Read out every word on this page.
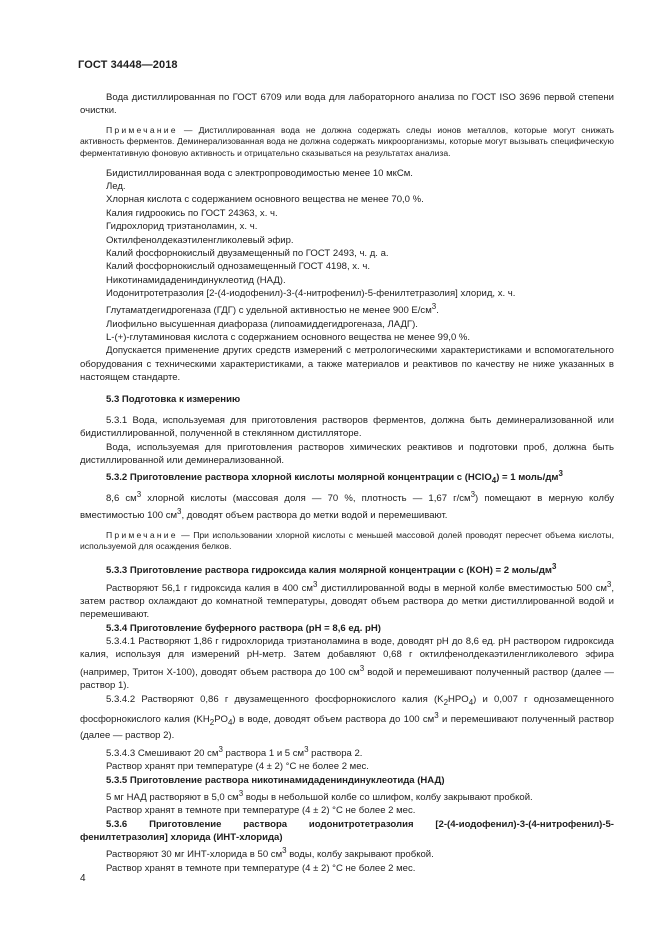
ГОСТ 34448—2018

Вода дистиллированная по ГОСТ 6709 или вода для лабораторного анализа по ГОСТ ISO 3696 первой степени очистки.

Примечание — Дистиллированная вода не должна содержать следы ионов металлов, которые могут снижать активность ферментов. Деминерализованная вода не должна содержать микроорганизмы, которые могут вызывать специфическую ферментативную фоновую активность и отрицательно сказываться на результатах анализа.

Бидистиллированная вода с электропроводимостью менее 10 мкСм.

Лед.

Хлорная кислота с содержанием основного вещества не менее 70,0 %.

Калия гидроокись по ГОСТ 24363, х. ч.

Гидрохлорид триэтаноламин, х. ч.

Октилфенолдекаэтиленгликолевый эфир.

Калий фосфорнокислый двузамещенный по ГОСТ 2493, ч. д. а.

Калий фосфорнокислый однозамещенный ГОСТ 4198, х. ч.

Никотинамидадениндинуклеотид (НАД).

Иодонитротетразолия [2-(4-иодофенил)-3-(4-нитрофенил)-5-фенилтетразолия] хлорид, х. ч.

Глутаматдегидрогеназа (ГДГ) с удельной активностью не менее 900 $Е/см^3$.

Лиофильно высушенная диафораза (липоамиддегидрогеназа, ЛАДГ).

L-(+)-глутаминовая кислота с содержанием основного вещества не менее 99,0 %.

Допускается применение других средств измерений с метрологическими характеристиками и вспомогательного оборудования с техническими характеристиками, а также материалов и реактивов по качеству не ниже указанных в настоящем стандарте.

5.3 Подготовка к измерению

5.3.1 Вода, используемая для приготовления растворов ферментов, должна быть деминерализованной или бидистиллированной, полученной в стеклянном дистилляторе.

Вода, используемая для приготовления растворов химических реактивов и подготовки проб, должна быть дистиллированной или деминерализованной.

5.3.2 Приготовление раствора хлорной кислоты молярной концентрации с (HClO$_4$) = 1 моль/$дм^3$

8,6 $см^3$ хлорной кислоты (массовая доля — 70 %, плотность — 1,67 $г/см^3$) помещают в мерную колбу вместимостью 100 $см^3$, доводят объем раствора до метки водой и перемешивают.

Примечание — При использовании хлорной кислоты с меньшей массовой долей проводят пересчет объема кислоты, используемой для осаждения белков.

5.3.3 Приготовление раствора гидроксида калия молярной концентрации с (КОН) = 2 моль/$дм^3$

Растворяют 56,1 г гидроксида калия в 400 $см^3$ дистиллированной воды в мерной колбе вместимостью 500 $см^3$, затем раствор охлаждают до комнатной температуры, доводят объем раствора до метки дистиллированной водой и перемешивают.

5.3.4 Приготовление буферного раствора (рН = 8,6 ед. рН)

5.3.4.1 Растворяют 1,86 г гидрохлорида триэтаноламина в воде, доводят рН до 8,6 ед. рН раствором гидроксида калия, используя для измерений рН-метр. Затем добавляют 0,68 г октилфенолдекаэтиленгликолевого эфира (например, Тритон Х-100), доводят объем раствора до 100 $см^3$ водой и перемешивают полученный раствор (далее — раствор 1).

5.3.4.2 Растворяют 0,86 г двузамещенного фосфорнокислого калия $(K_2HPO_4)$ и 0,007 г однозамещенного фосфорнокислого калия $(KH_2PO_4)$ в воде, доводят объем раствора до 100 $см^3$ и перемешивают полученный раствор (далее — раствор 2).

5.3.4.3 Смешивают 20 $см^3$ раствора 1 и 5 $см^3$ раствора 2.

Раствор хранят при температуре (4 ± 2) °С не более 2 мес.

5.3.5 Приготовление раствора никотинамидадениндинуклеотида (НАД)

5 мг НАД растворяют в 5,0 $см^3$ воды в небольшой колбе со шлифом, колбу закрывают пробкой.

Раствор хранят в темноте при температуре (4 ± 2) °С не более 2 мес.

5.3.6 Приготовление раствора иодонитротетразолия [2-(4-иодофенил)-3-(4-нитрофенил)-5-фенилтетразолия] хлорида (ИНТ-хлорида)

Растворяют 30 мг ИНТ-хлорида в 50 $см^3$ воды, колбу закрывают пробкой.

Раствор хранят в темноте при температуре (4 ± 2) °С не более 2 мес.

4
